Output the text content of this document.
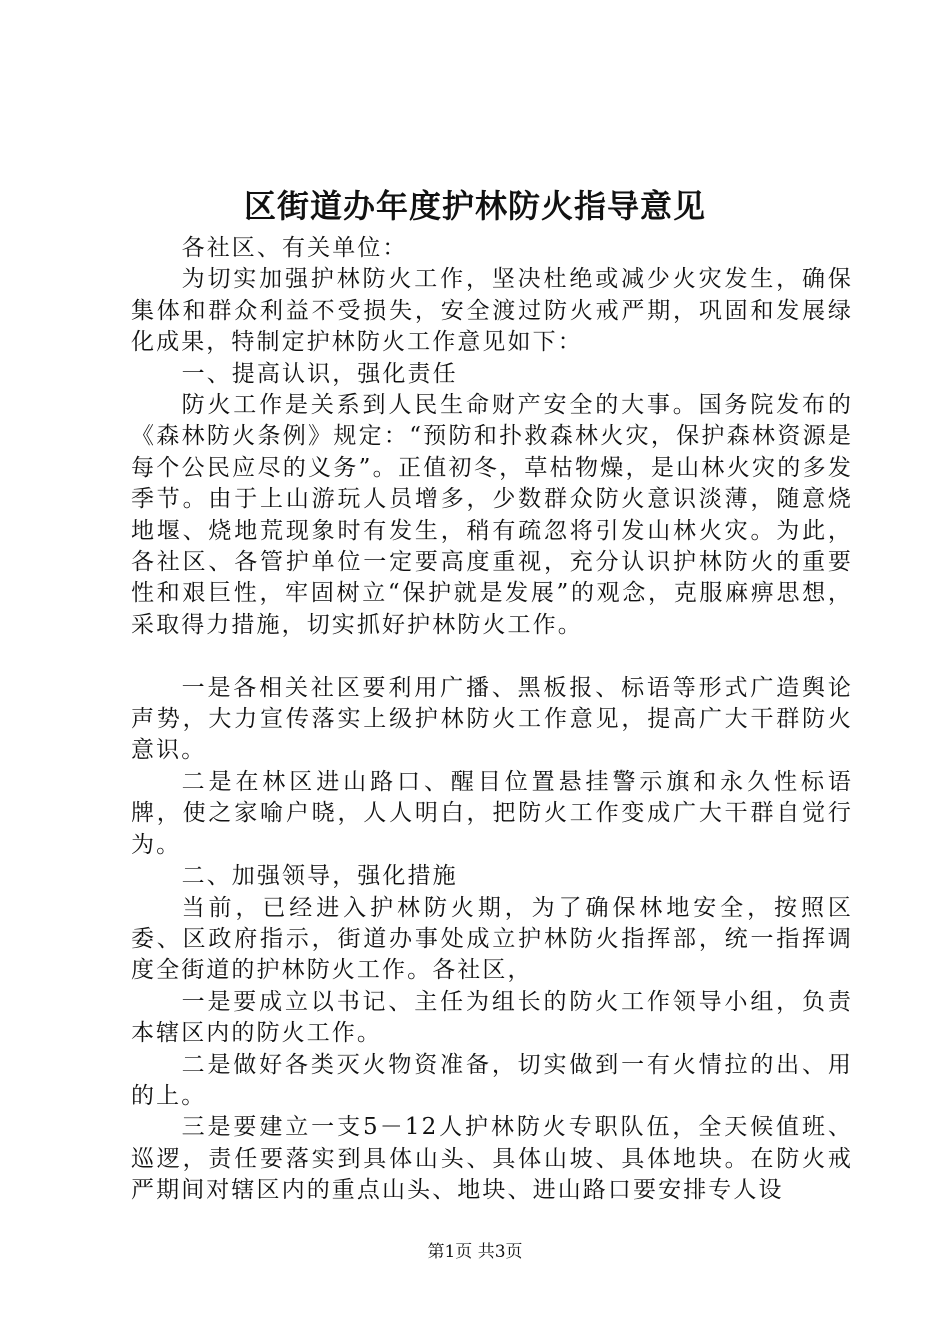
区街道办年度护林防火指导意见

各社区、有关单位：

为切实加强护林防火工作，坚决杜绝或减少火灾发生，确保集体和群众利益不受损失，安全渡过防火戒严期，巩固和发展绿化成果，特制定护林防火工作意见如下：

一、提高认识，强化责任

防火工作是关系到人民生命财产安全的大事。国务院发布的《森林防火条例》规定：“预防和扑救森林火灾，保护森林资源是每个公民应尽的义务”。正值初冬，草枯物燥，是山林火灾的多发季节。由于上山游玩人员增多，少数群众防火意识淡薄，随意烧地堰、烧地荒现象时有发生，稍有疏忽将引发山林火灾。为此，各社区、各管护单位一定要高度重视，充分认识护林防火的重要性和艰巨性，牢固树立“保护就是发展”的观念，克服麻痹思想，采取得力措施，切实抓好护林防火工作。

一是各相关社区要利用广播、黑板报、标语等形式广造舆论声势，大力宣传落实上级护林防火工作意见，提高广大干群防火意识。

二是在林区进山路口、醒目位置悬挂警示旗和永久性标语牌，使之家喻户晓，人人明白，把防火工作变成广大干群自觉行为。

二、加强领导，强化措施

当前，已经进入护林防火期，为了确保林地安全，按照区委、区政府指示，街道办事处成立护林防火指挥部，统一指挥调度全街道的护林防火工作。各社区，

一是要成立以书记、主任为组长的防火工作领导小组，负责本辖区内的防火工作。

二是做好各类灭火物资准备，切实做到一有火情拉的出、用的上。

三是要建立一支5－12人护林防火专职队伍，全天候值班、巡逻，责任要落实到具体山头、具体山坡、具体地块。在防火戒严期间对辖区内的重点山头、地块、进山路口要安排专人设

第1页 共3页
